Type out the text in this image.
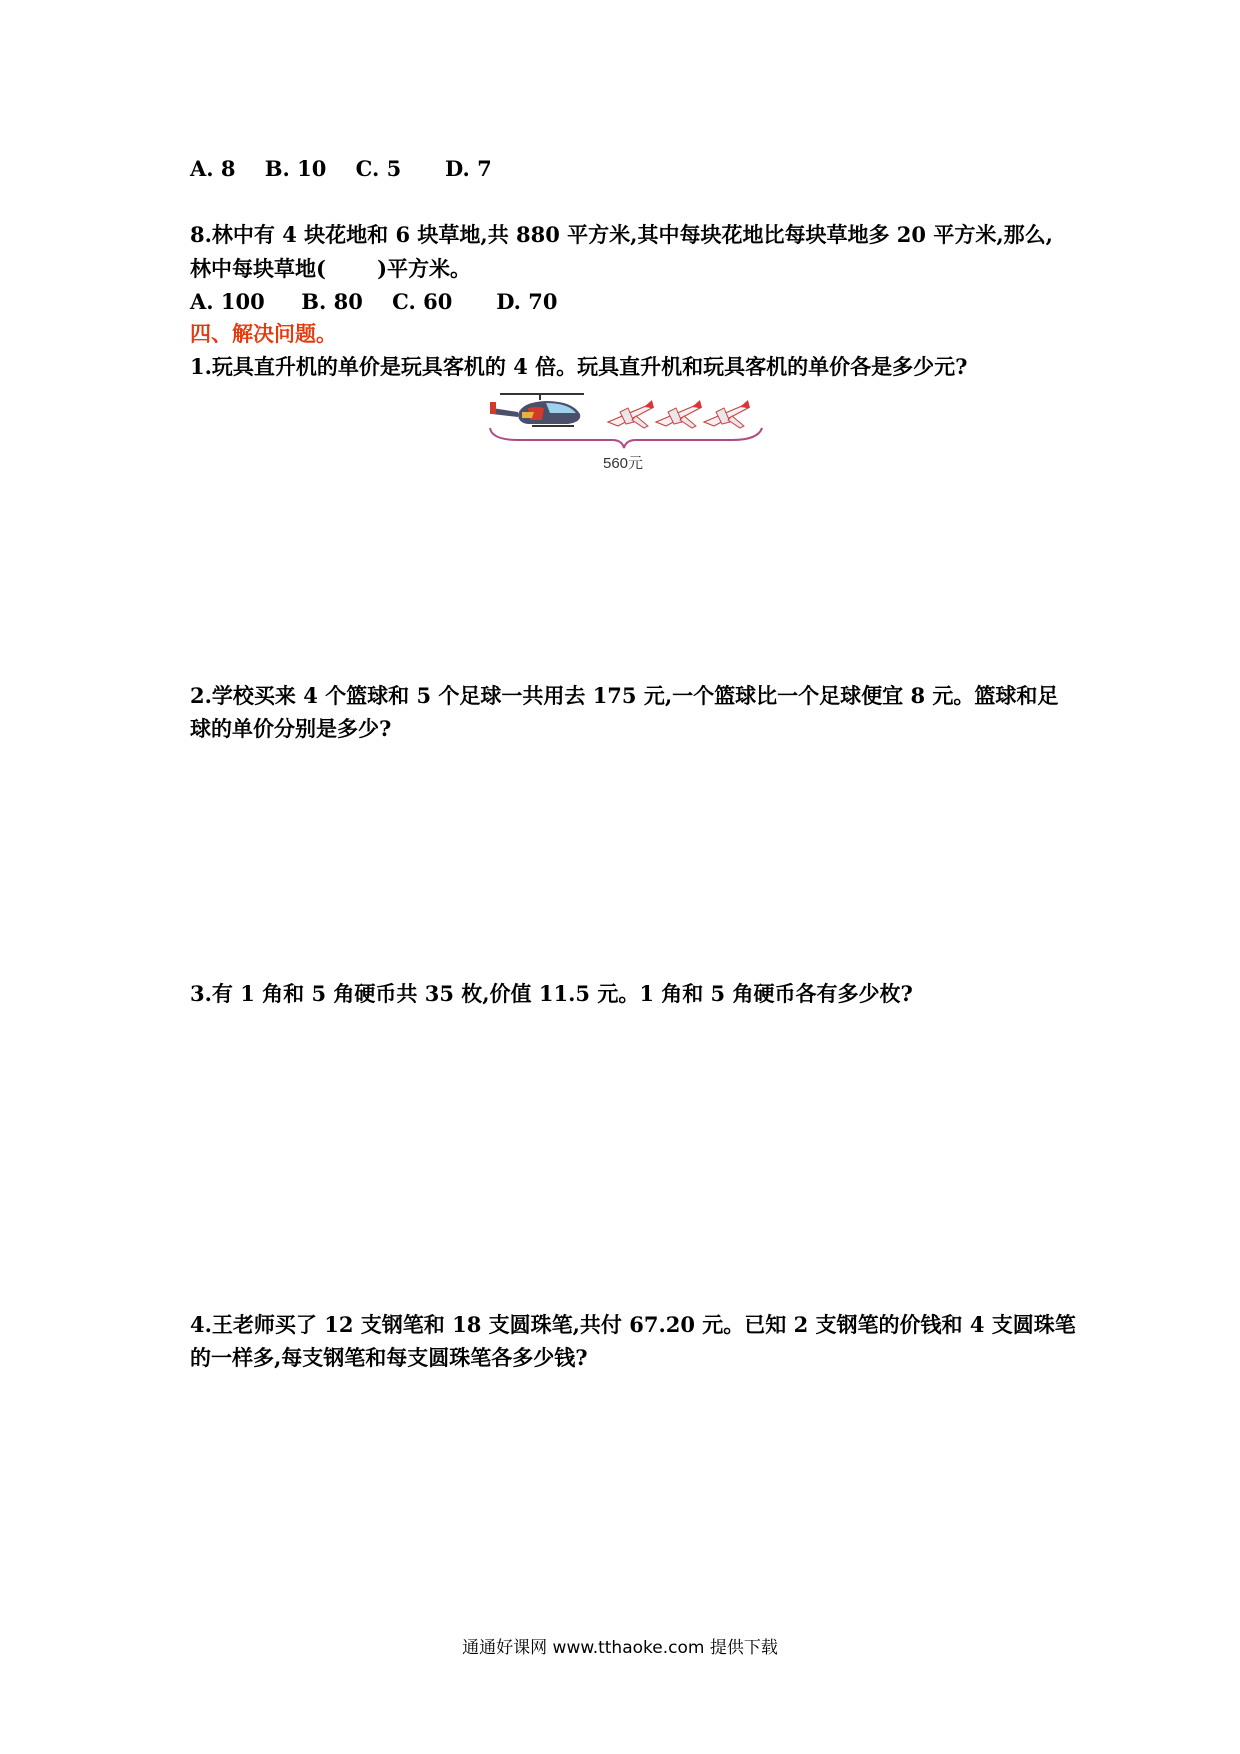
A. 8    B. 10    C. 5      D. 7
8.林中有 4 块花地和 6 块草地,共 880 平方米,其中每块花地比每块草地多 20 平方米,那么,
林中每块草地(       )平方米。
A. 100     B. 80    C. 60      D. 70
四、解决问题。
1.玩具直升机的单价是玩具客机的 4 倍。玩具直升机和玩具客机的单价各是多少元?
560元
2.学校买来 4 个篮球和 5 个足球一共用去 175 元,一个篮球比一个足球便宜 8 元。篮球和足
球的单价分别是多少?
3.有 1 角和 5 角硬币共 35 枚,价值 11.5 元。1 角和 5 角硬币各有多少枚?
4.王老师买了 12 支钢笔和 18 支圆珠笔,共付 67.20 元。已知 2 支钢笔的价钱和 4 支圆珠笔
的一样多,每支钢笔和每支圆珠笔各多少钱?
通通好课网 www.tthaoke.com 提供下载
